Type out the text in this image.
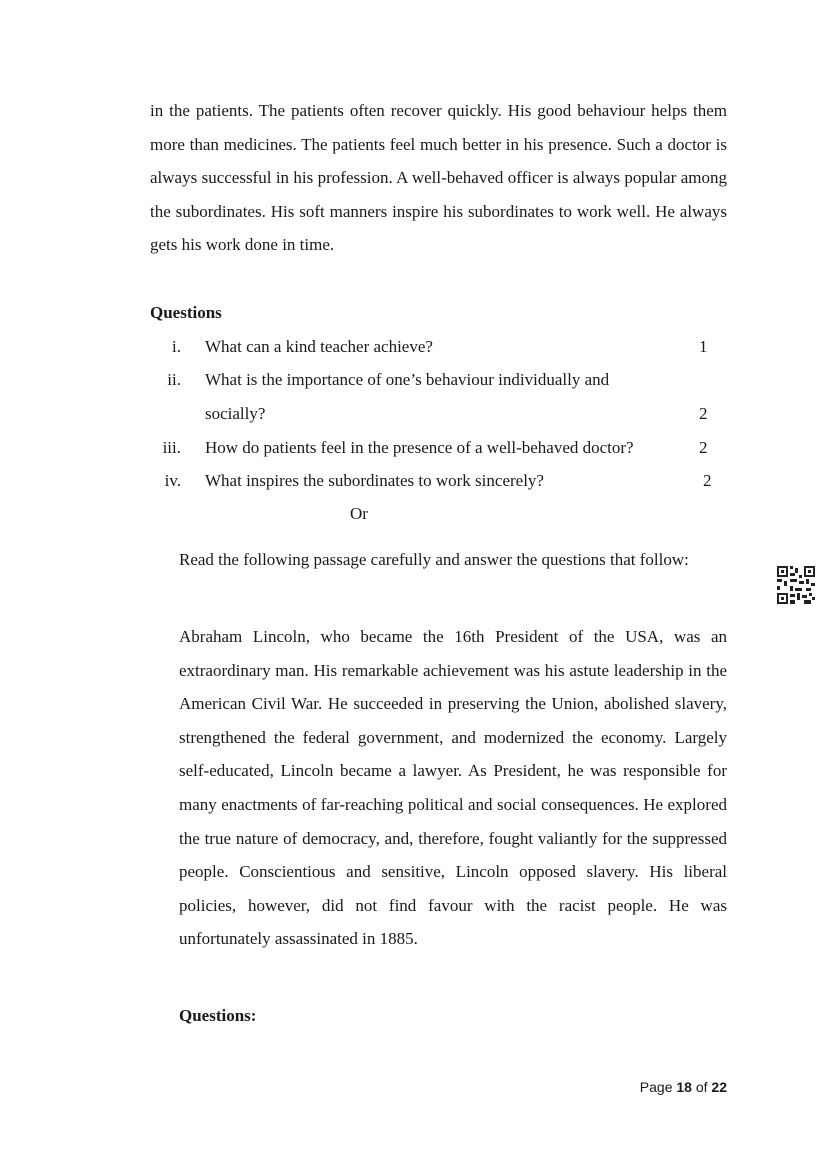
in the patients. The patients often recover quickly. His good behaviour helps them more than medicines. The patients feel much better in his presence. Such a doctor is always successful in his profession. A well-behaved officer is always popular among the subordinates. His soft manners inspire his subordinates to work well. He always gets his work done in time.

Questions
i. What can a kind teacher achieve?	1
ii. What is the importance of one’s behaviour individually and
socially?	2
iii. How do patients feel in the presence of a well-behaved doctor?	2
iv. What inspires the subordinates to work sincerely?	2
Or

Read the following passage carefully and answer the questions that follow:

Abraham Lincoln, who became the 16th President of the USA, was an extraordinary man. His remarkable achievement was his astute leadership in the American Civil War. He succeeded in preserving the Union, abolished slavery, strengthened the federal government, and modernized the economy. Largely self-educated, Lincoln became a lawyer. As President, he was responsible for many enactments of far-reaching political and social consequences. He explored the true nature of democracy, and, therefore, fought valiantly for the suppressed people. Conscientious and sensitive, Lincoln opposed slavery. His liberal policies, however, did not find favour with the racist people. He was unfortunately assassinated in 1885.

Questions:
Page 18 of 22
